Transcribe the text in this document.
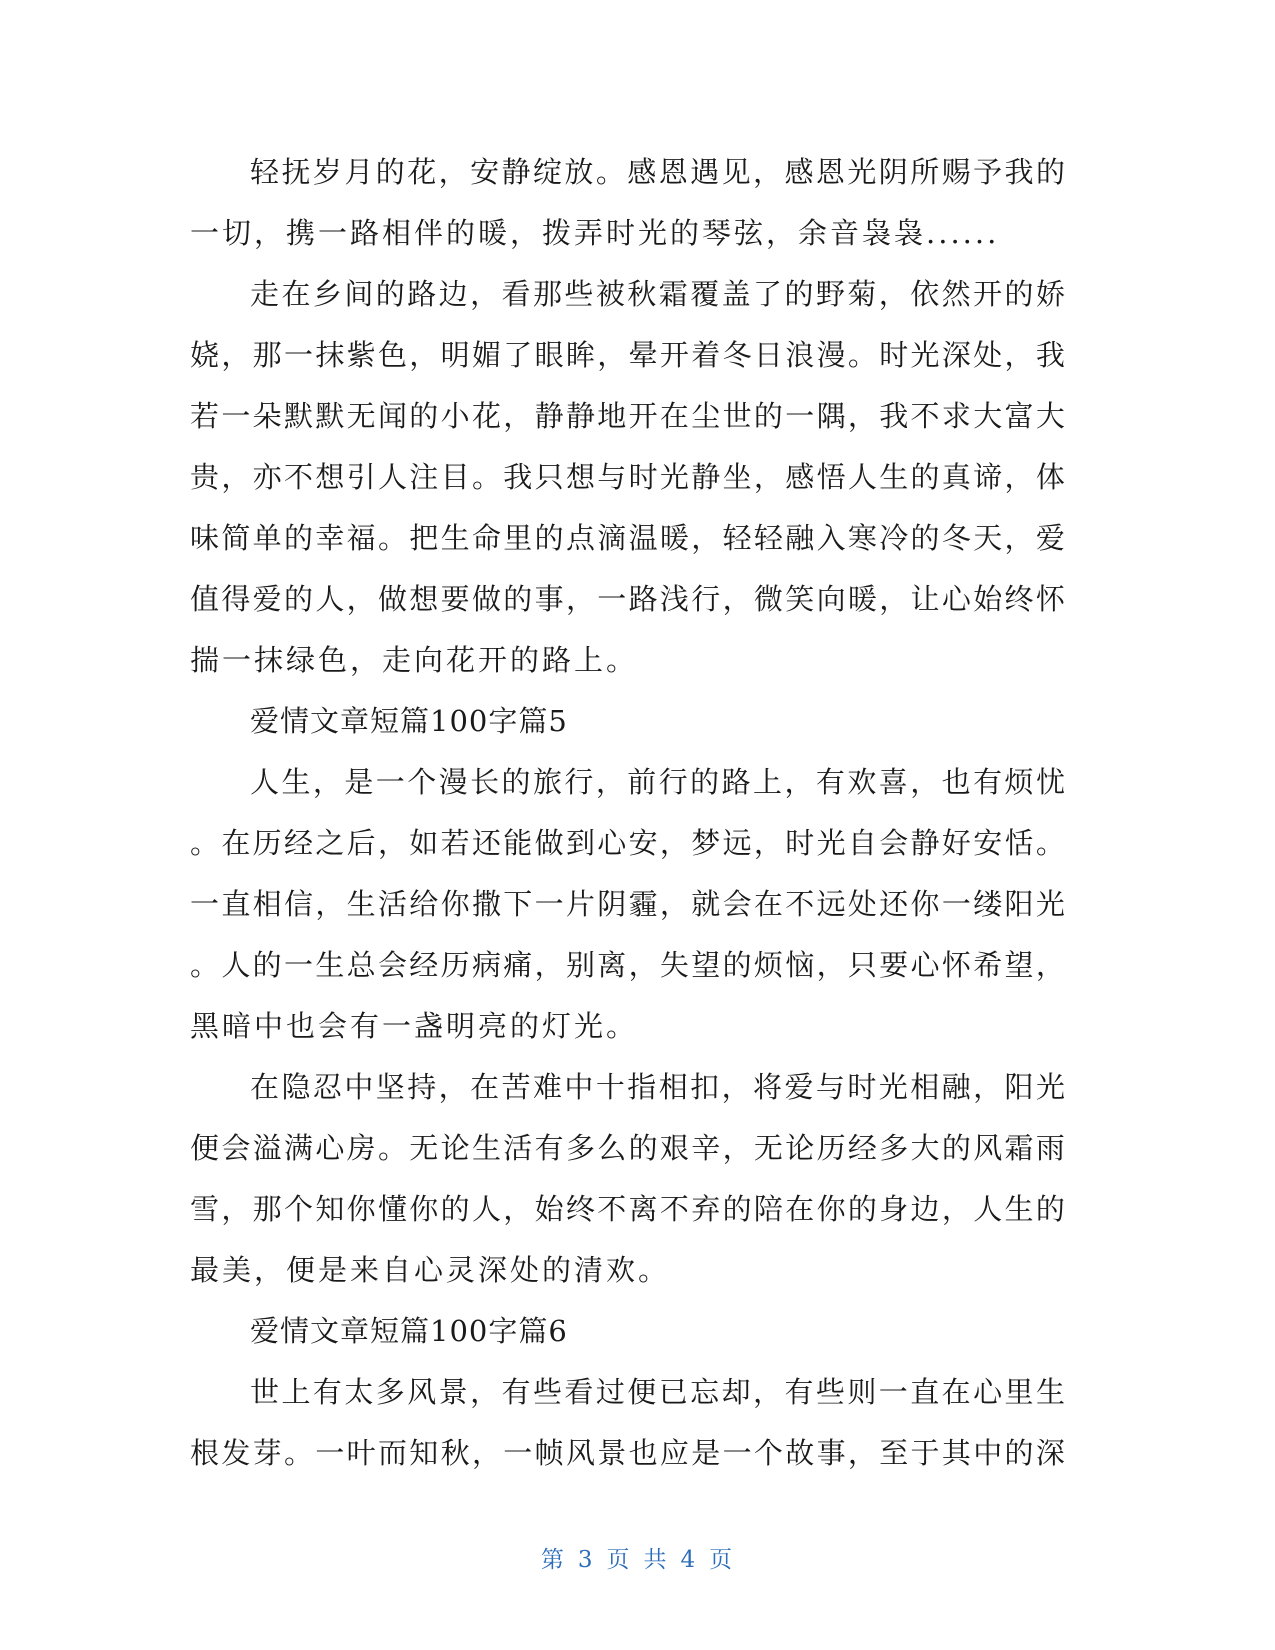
轻 抚 岁 月 的 花 ， 安 静 绽 放 。 感 恩 遇 见 ， 感 恩 光 阴 所 赐 予 我 的
一切，携一路相伴的暖，拨弄时光的琴弦，余音袅袅......
走 在 乡 间 的 路 边 ， 看 那 些 被 秋 霜 覆 盖 了 的 野 菊 ， 依 然 开 的 娇
娆 ， 那 一 抹 紫 色 ， 明 媚 了 眼 眸 ， 晕 开 着 冬 日 浪 漫 。 时 光 深 处 ， 我
若 一 朵 默 默 无 闻 的 小 花 ， 静 静 地 开 在 尘 世 的 一 隅 ， 我 不 求 大 富 大
贵 ， 亦 不 想 引 人 注 目 。 我 只 想 与 时 光 静 坐 ， 感 悟 人 生 的 真 谛 ， 体
味 简 单 的 幸 福 。 把 生 命 里 的 点 滴 温 暖 ， 轻 轻 融 入 寒 冷 的 冬 天 ， 爱
值 得 爱 的 人 ， 做 想 要 做 的 事 ， 一 路 浅 行 ， 微 笑 向 暖 ， 让 心 始 终 怀
揣一抹绿色，走向花开的路上。
爱情文章短篇100字篇5
人 生 ， 是 一 个 漫 长 的 旅 行 ， 前 行 的 路 上 ， 有 欢 喜 ， 也 有 烦 忧
。 在 历 经 之 后 ， 如 若 还 能 做 到 心 安 ， 梦 远 ， 时 光 自 会 静 好 安 恬 。
一 直 相 信 ， 生 活 给 你 撒 下 一 片 阴 霾 ， 就 会 在 不 远 处 还 你 一 缕 阳 光
。 人 的 一 生 总 会 经 历 病 痛 ， 别 离 ， 失 望 的 烦 恼 ， 只 要 心 怀 希 望 ，
黑暗中也会有一盏明亮的灯光。
在 隐 忍 中 坚 持 ， 在 苦 难 中 十 指 相 扣 ， 将 爱 与 时 光 相 融 ， 阳 光
便 会 溢 满 心 房 。 无 论 生 活 有 多 么 的 艰 辛 ， 无 论 历 经 多 大 的 风 霜 雨
雪 ， 那 个 知 你 懂 你 的 人 ， 始 终 不 离 不 弃 的 陪 在 你 的 身 边 ， 人 生 的
最美，便是来自心灵深处的清欢。
爱情文章短篇100字篇6
世 上 有 太 多 风 景 ， 有 些 看 过 便 已 忘 却 ， 有 些 则 一 直 在 心 里 生
根 发 芽 。 一 叶 而 知 秋 ， 一 帧 风 景 也 应 是 一 个 故 事 ， 至 于 其 中 的 深
第 3 页 共 4 页
